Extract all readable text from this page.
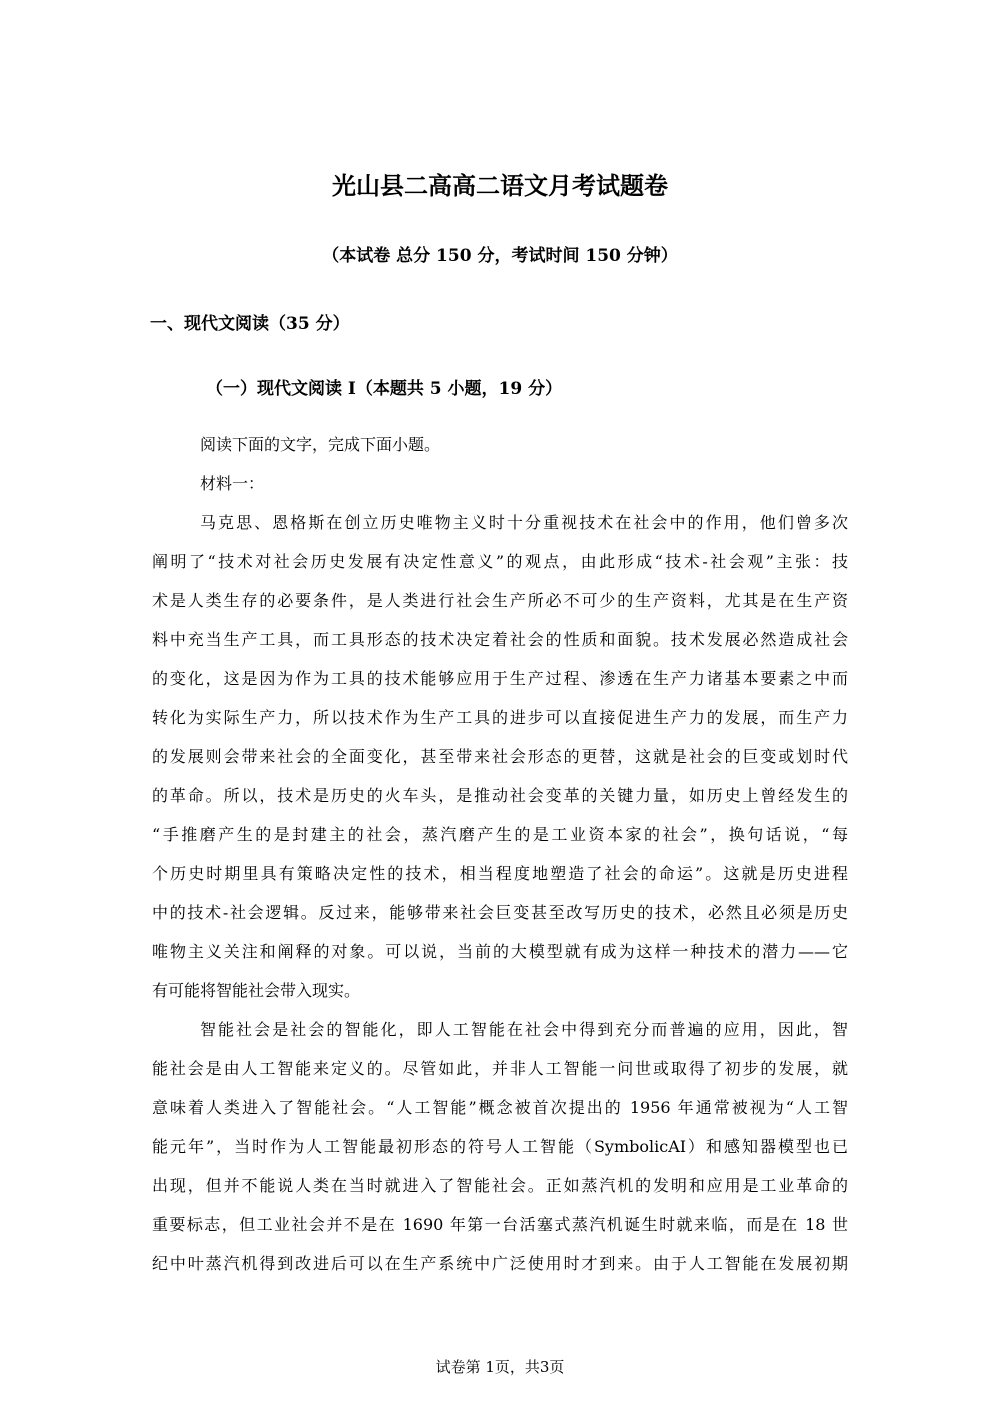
光山县二高高二语文月考试题卷
（本试卷 总分 150 分，考试时间 150 分钟）
一、现代文阅读（35 分）
（一）现代文阅读 I（本题共 5 小题，19 分）
阅读下面的文字，完成下面小题。
材料一：
马克思、恩格斯在创立历史唯物主义时十分重视技术在社会中的作用，他们曾多次
阐明了“技术对社会历史发展有决定性意义”的观点，由此形成“技术-社会观”主张：技
术是人类生存的必要条件，是人类进行社会生产所必不可少的生产资料，尤其是在生产资
料中充当生产工具，而工具形态的技术决定着社会的性质和面貌。技术发展必然造成社会
的变化，这是因为作为工具的技术能够应用于生产过程、渗透在生产力诸基本要素之中而
转化为实际生产力，所以技术作为生产工具的进步可以直接促进生产力的发展，而生产力
的发展则会带来社会的全面变化，甚至带来社会形态的更替，这就是社会的巨变或划时代
的革命。所以，技术是历史的火车头，是推动社会变革的关键力量，如历史上曾经发生的
“手推磨产生的是封建主的社会，蒸汽磨产生的是工业资本家的社会”，换句话说，“每
个历史时期里具有策略决定性的技术，相当程度地塑造了社会的命运”。这就是历史进程
中的技术-社会逻辑。反过来，能够带来社会巨变甚至改写历史的技术，必然且必须是历史
唯物主义关注和阐释的对象。可以说，当前的大模型就有成为这样一种技术的潜力——它
有可能将智能社会带入现实。
智能社会是社会的智能化，即人工智能在社会中得到充分而普遍的应用，因此，智
能社会是由人工智能来定义的。尽管如此，并非人工智能一问世或取得了初步的发展，就
意味着人类进入了智能社会。“人工智能”概念被首次提出的 1956 年通常被视为“人工智
能元年”，当时作为人工智能最初形态的符号人工智能（SymbolicAI）和感知器模型也已
出现，但并不能说人类在当时就进入了智能社会。正如蒸汽机的发明和应用是工业革命的
重要标志，但工业社会并不是在 1690 年第一台活塞式蒸汽机诞生时就来临，而是在 18 世
纪中叶蒸汽机得到改进后可以在生产系统中广泛使用时才到来。由于人工智能在发展初期
试卷第 1页，共3页
